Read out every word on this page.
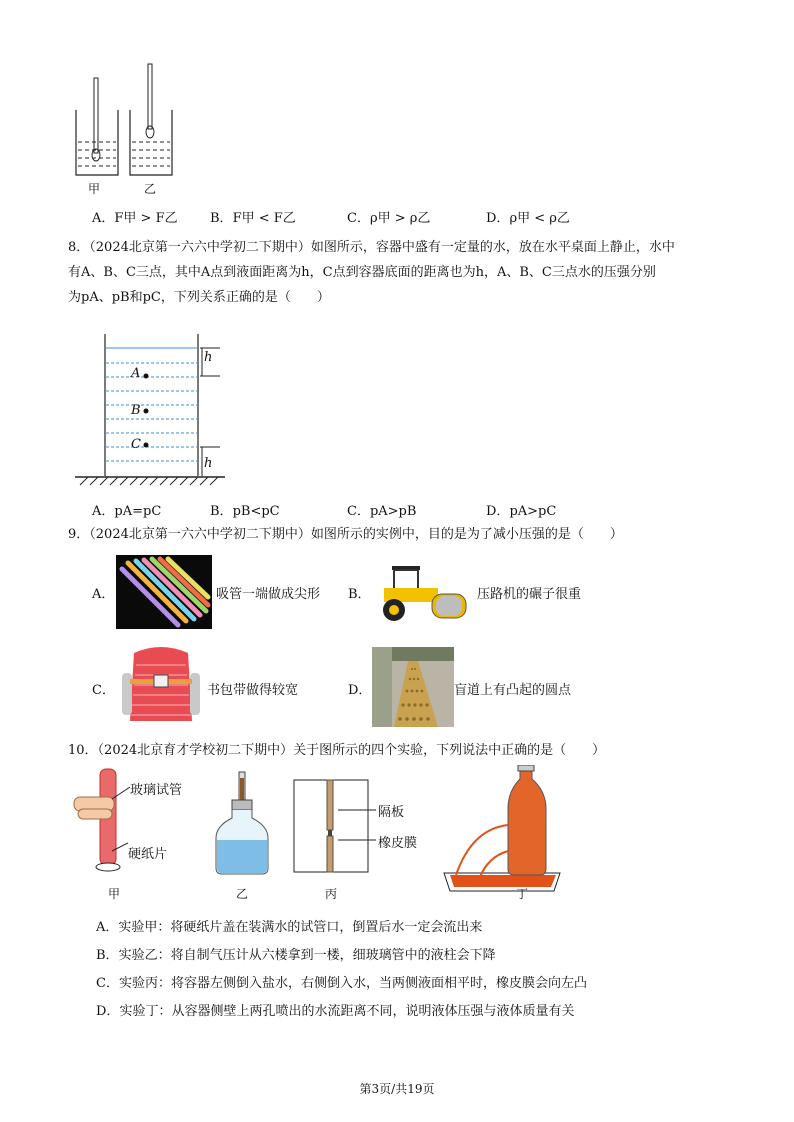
甲	乙
A．F甲 > F乙 B．F甲 < F乙	C．ρ甲 > ρ乙	D．ρ甲 < ρ乙
8．（2024北京第一六六中学初二下期中）如图所示，容器中盛有一定量的水，放在水平桌面上静止，水中
有A、B、C三点，其中A点到液面距离为h，C点到容器底面的距离也为h，A、B、C三点水的压强分别
为pA、pB和pC，下列关系正确的是（　　）
A
B
C
h
h
A．pA=pC	B．pB<pC	C．pA>pB	D．pA>pC
9．（2024北京第一六六中学初二下期中）如图所示的实例中，目的是为了减小压强的是（　　）
A．	吸管一端做成尖形 B．	压路机的碾子很重
C．	书包带做得较宽	D．	盲道上有凸起的圆点
10．（2024北京育才学校初二下期中）关于图所示的四个实验，下列说法中正确的是（　　）
玻璃试管
硬纸片
隔板
橡皮膜
甲	乙	丙	丁
A．实验甲：将硬纸片盖在装满水的试管口，倒置后水一定会流出来
B．实验乙：将自制气压计从六楼拿到一楼，细玻璃管中的液柱会下降
C．实验丙：将容器左侧倒入盐水，右侧倒入水，当两侧液面相平时，橡皮膜会向左凸
D．实验丁：从容器侧壁上两孔喷出的水流距离不同，说明液体压强与液体质量有关
第3页/共19页
